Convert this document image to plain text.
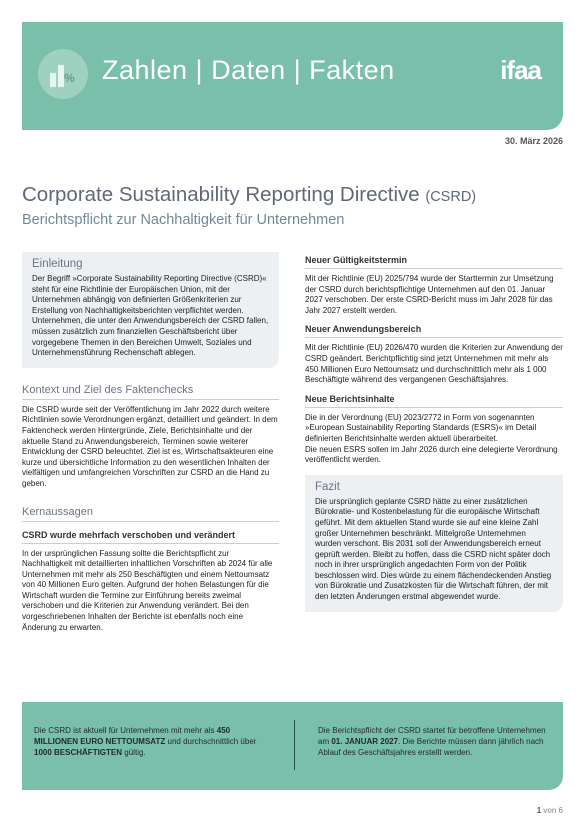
% Zahlen | Daten | Fakten	ifaa
30. März 2026
Corporate Sustainability Reporting Directive (CSRD)
Berichtspflicht zur Nachhaltigkeit für Unternehmen
Einleitung

Der Begriff »Corporate Sustainability Reporting Directive (CSRD)« steht für eine Richtlinie der Europäischen Union, mit der Unternehmen abhängig von definierten Größenkriterien zur Erstellung von Nachhaltigkeitsberichten verpflichtet werden. Unternehmen, die unter den Anwendungsbereich der CSRD fallen, müssen zusätzlich zum finanziellen Geschäftsbericht über vorgegebene Themen in den Bereichen Umwelt, Soziales und Unternehmensführung Rechenschaft ablegen.

Kontext und Ziel des Faktenchecks

Die CSRD wurde seit der Veröffentlichung im Jahr 2022 durch weitere Richtlinien sowie Verordnungen ergänzt, detailliert und geändert. In dem Faktencheck werden Hintergründe, Ziele, Berichtsinhalte und der aktuelle Stand zu Anwendungsbereich, Terminen sowie weiterer Entwicklung der CSRD beleuchtet. Ziel ist es, Wirtschaftsakteuren eine kurze und übersichtliche Information zu den wesentlichen Inhalten der vielfältigen und umfangreichen Vorschriften zur CSRD an die Hand zu geben.

Kernaussagen
CSRD wurde mehrfach verschoben und verändert

In der ursprünglichen Fassung sollte die Berichtspflicht zur Nachhaltigkeit mit detaillierten inhaltlichen Vorschriften ab 2024 für alle Unternehmen mit mehr als 250 Beschäftigten und einem Nettoumsatz von 40 Millionen Euro gelten. Aufgrund der hohen Belastungen für die Wirtschaft wurden die Termine zur Einführung bereits zweimal verschoben und die Kriterien zur Anwendung verändert. Bei den vorgeschriebenen Inhalten der Berichte ist ebenfalls noch eine Änderung zu erwarten.

Neuer Gültigkeitstermin

Mit der Richtlinie (EU) 2025/794 wurde der Starttermin zur Umsetzung der CSRD durch berichtspflichtige Unternehmen auf den 01. Januar 2027 verschoben. Der erste CSRD-Bericht muss im Jahr 2028 für das Jahr 2027 erstellt werden.

Neuer Anwendungsbereich

Mit der Richtlinie (EU) 2026/470 wurden die Kriterien zur Anwendung der CSRD geändert. Berichtpflichtig sind jetzt Unternehmen mit mehr als 450 Millionen Euro Nettoumsatz und durchschnittlich mehr als 1 000 Beschäftigte während des vergangenen Geschäftsjahres.

Neue Berichtsinhalte

Die in der Verordnung (EU) 2023/2772 in Form von sogenannten »European Sustainability Reporting Standards (ESRS)« im Detail definierten Berichtsinhalte werden aktuell überarbeitet.

Die neuen ESRS sollen im Jahr 2026 durch eine delegierte Verordnung veröffentlicht werden.

Fazit

Die ursprünglich geplante CSRD hätte zu einer zusätzlichen Bürokratie- und Kostenbelastung für die europäische Wirtschaft geführt. Mit dem aktuellen Stand wurde sie auf eine kleine Zahl großer Unternehmen beschränkt. Mittelgroße Unternehmen wurden verschont. Bis 2031 soll der Anwendungsbereich erneut geprüft werden. Bleibt zu hoffen, dass die CSRD nicht später doch noch in ihrer ursprünglich angedachten Form von der Politik beschlossen wird. Dies würde zu einem flächendeckenden Anstieg von Bürokratie und Zusatzkosten für die Wirtschaft führen, der mit den letzten Änderungen erstmal abgewendet wurde.

Die CSRD ist aktuell für Unternehmen mit mehr als 450 MILLIONEN EURO NETTOUMSATZ und durchschnittlich über 1000 BESCHÄFTIGTEN gültig.

Die Berichtspflicht der CSRD startet für betroffene Unternehmen am 01. JANUAR 2027. Die Berichte müssen dann jährlich nach Ablauf des Geschäftsjahres erstellt werden.

1 von 6
